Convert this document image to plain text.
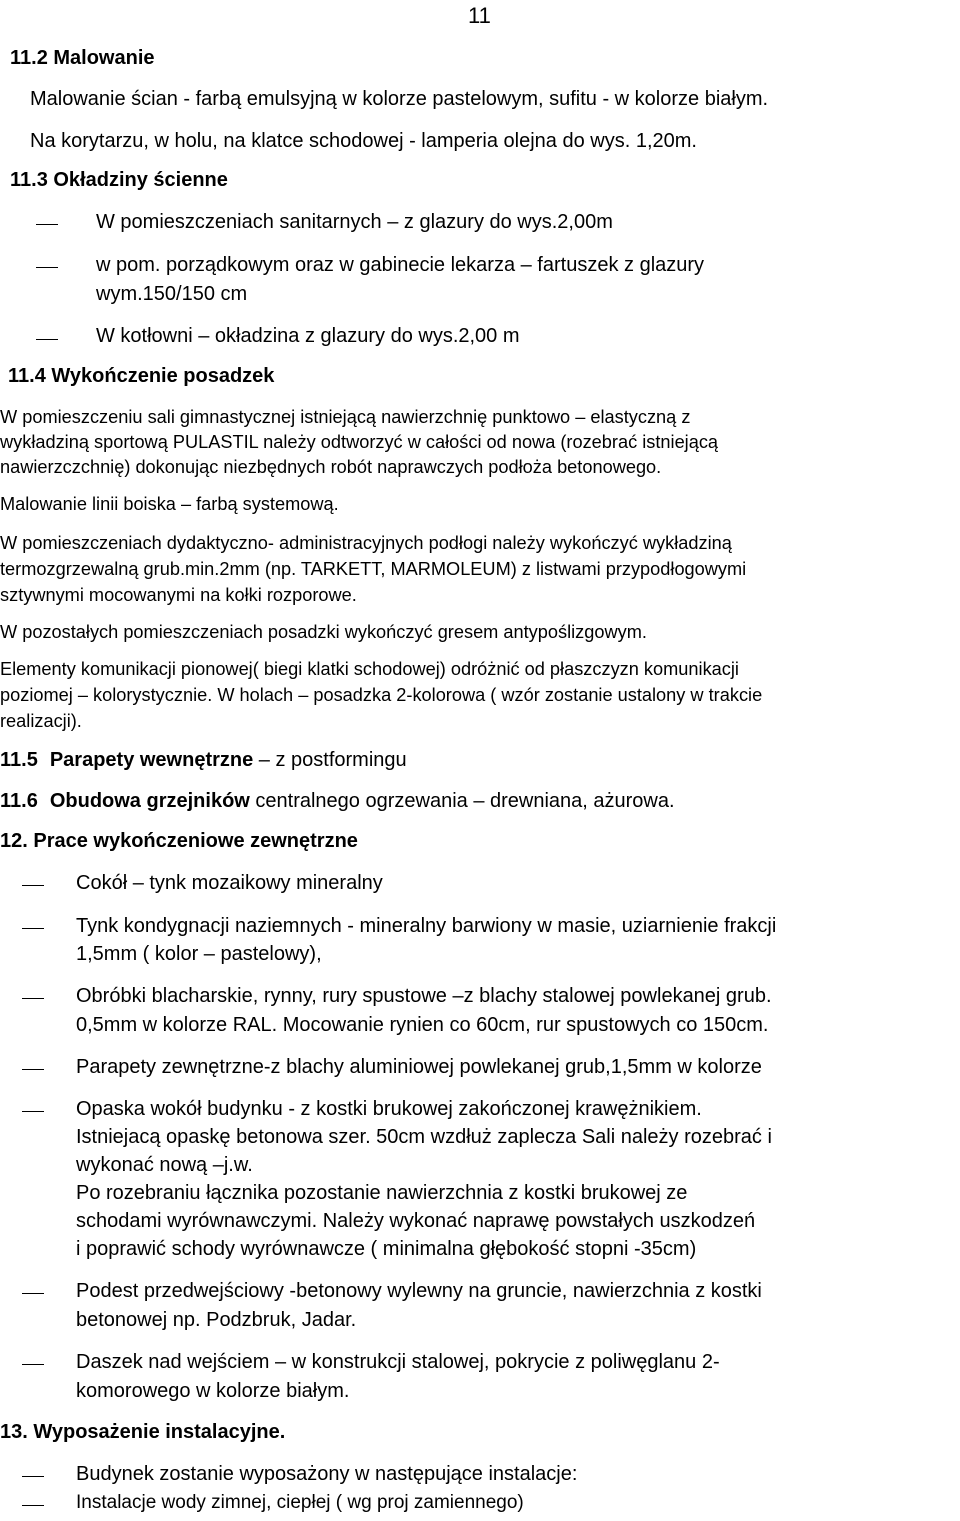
11
11.2 Malowanie
Malowanie ścian - farbą emulsyjną w kolorze pastelowym, sufitu - w kolorze białym.
Na korytarzu, w holu, na klatce schodowej - lamperia olejna do wys. 1,20m.
11.3 Okładziny ścienne
W pomieszczeniach sanitarnych – z glazury do wys.2,00m
w pom. porządkowym oraz w gabinecie lekarza – fartuszek z glazury
wym.150/150 cm
W kotłowni – okładzina z glazury do wys.2,00 m
11.4 Wykończenie posadzek
W pomieszczeniu sali gimnastycznej istniejącą nawierzchnię punktowo – elastyczną z
wykładziną sportową PULASTIL należy odtworzyć w całości od nowa (rozebrać istniejącą
nawierzczchnię) dokonując niezbędnych robót naprawczych podłoża betonowego.
Malowanie linii boiska – farbą systemową.
W pomieszczeniach dydaktyczno- administracyjnych podłogi należy wykończyć wykładziną
termozgrzewalną grub.min.2mm (np. TARKETT, MARMOLEUM) z listwami przypodłogowymi
sztywnymi mocowanymi na kołki rozporowe.
W pozostałych pomieszczeniach posadzki wykończyć gresem antypoślizgowym.
Elementy komunikacji pionowej( biegi klatki schodowej) odróżnić od płaszczyzn komunikacji
poziomej – kolorystycznie. W holach – posadzka 2-kolorowa ( wzór zostanie ustalony w trakcie
realizacji).
11.5 Parapety wewnętrzne – z postformingu
11.6 Obudowa grzejników centralnego ogrzewania – drewniana, ażurowa.
12. Prace wykończeniowe zewnętrzne
Cokół – tynk mozaikowy mineralny
Tynk kondygnacji naziemnych - mineralny barwiony w masie, uziarnienie frakcji
1,5mm ( kolor – pastelowy),
Obróbki blacharskie, rynny, rury spustowe –z blachy stalowej powlekanej grub.
0,5mm w kolorze RAL. Mocowanie rynien co 60cm, rur spustowych co 150cm.
Parapety zewnętrzne-z blachy aluminiowej powlekanej grub,1,5mm w kolorze
Opaska wokół budynku - z kostki brukowej zakończonej krawężnikiem.
Istniejacą opaskę betonowa szer. 50cm wzdłuż zaplecza Sali należy rozebrać i
wykonać nową –j.w.
Po rozebraniu łącznika pozostanie nawierzchnia z kostki brukowej ze
schodami wyrównawczymi. Należy wykonać naprawę powstałych uszkodzeń
i poprawić schody wyrównawcze ( minimalna głębokość stopni -35cm)
Podest przedwejściowy -betonowy wylewny na gruncie, nawierzchnia z kostki
betonowej np. Podzbruk, Jadar.
Daszek nad wejściem – w konstrukcji stalowej, pokrycie z poliwęglanu 2-
komorowego w kolorze białym.
13. Wyposażenie instalacyjne.
Budynek zostanie wyposażony w następujące instalacje:
Instalacje wody zimnej, ciepłej ( wg proj zamiennego)
